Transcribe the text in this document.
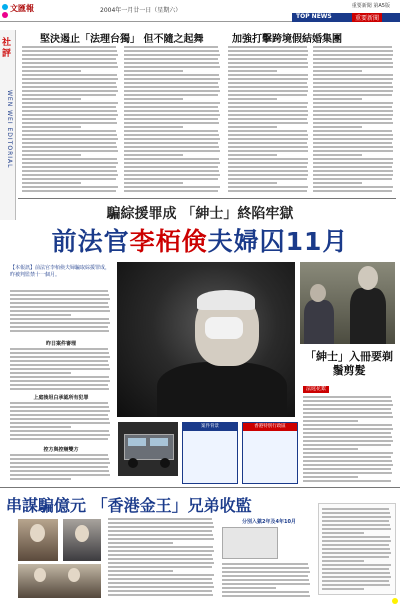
文匯報	2004年一月廿一日（星期六）
重要新聞 第A5版
TOP NEWS	重要新聞
社評
WEN WEI EDITORIAL
堅決遏止「法理台獨」 但不隨之起舞	加強打擊跨境假結婚集團
騙綜援罪成 「紳士」終陷牢獄
前法官李栢倹夫婦囚11月
【本報訊】前法官李栢倹夫婦騙取綜援罪成，昨被判監禁十一個月。
昨日案件審理
上庭後坦白承認所有犯罪
控方與控辯雙方
「紳士」入冊要剃鬚剪髮
法庭花絮
案件背景	香港特別行政區
串謀騙億元 「香港金王」兄弟收監
分別入獄2年及4年10月
